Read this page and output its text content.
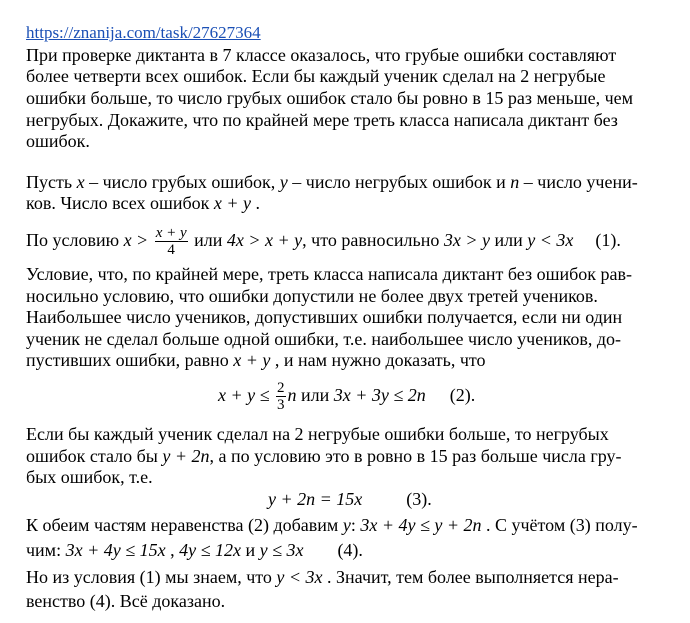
https://znanija.com/task/27627364
При проверке диктанта в 7 классе оказалось, что грубые ошибки составляют
более четверти всех ошибок. Если бы каждый ученик сделал на 2 негрубые
ошибки больше, то число грубых ошибок стало бы ровно в 15 раз меньше, чем
негрубых. Докажите, что по крайней мере треть класса написала диктант без
ошибок.
Пусть x – число грубых ошибок, y – число негрубых ошибок и n – число учени-
ков. Число всех ошибок x + y .
По условию $x > \frac{x + y}{4}$ или 4x > x + y, что равносильно 3x > y или y < 3x (1).
Условие, что, по крайней мере, треть класса написала диктант без ошибок рав-
носильно условию, что ошибки допустили не более двух третей учеников.
Наибольшее число учеников, допустивших ошибки получается, если ни один
ученик не сделал больше одной ошибки, т.е. наибольшее число учеников, до-
пустивших ошибки, равно x + y , и нам нужно доказать, что
$x + y \le \frac{2}{3}$ n или 3x + 3y ≤ 2n (2).
Если бы каждый ученик сделал на 2 негрубые ошибки больше, то негрубых
ошибок стало бы y + 2n, а по условию это в ровно в 15 раз больше числа гру-
бых ошибок, т.е.
y + 2n = 15x (3).
К обеим частям неравенства (2) добавим y: 3x + 4y ≤ y + 2n . С учётом (3) полу-
чим: 3x + 4y ≤ 15x , 4y ≤ 12x и y ≤ 3x (4).
Но из условия (1) мы знаем, что y < 3x . Значит, тем более выполняется нера-
венство (4). Всё доказано.
